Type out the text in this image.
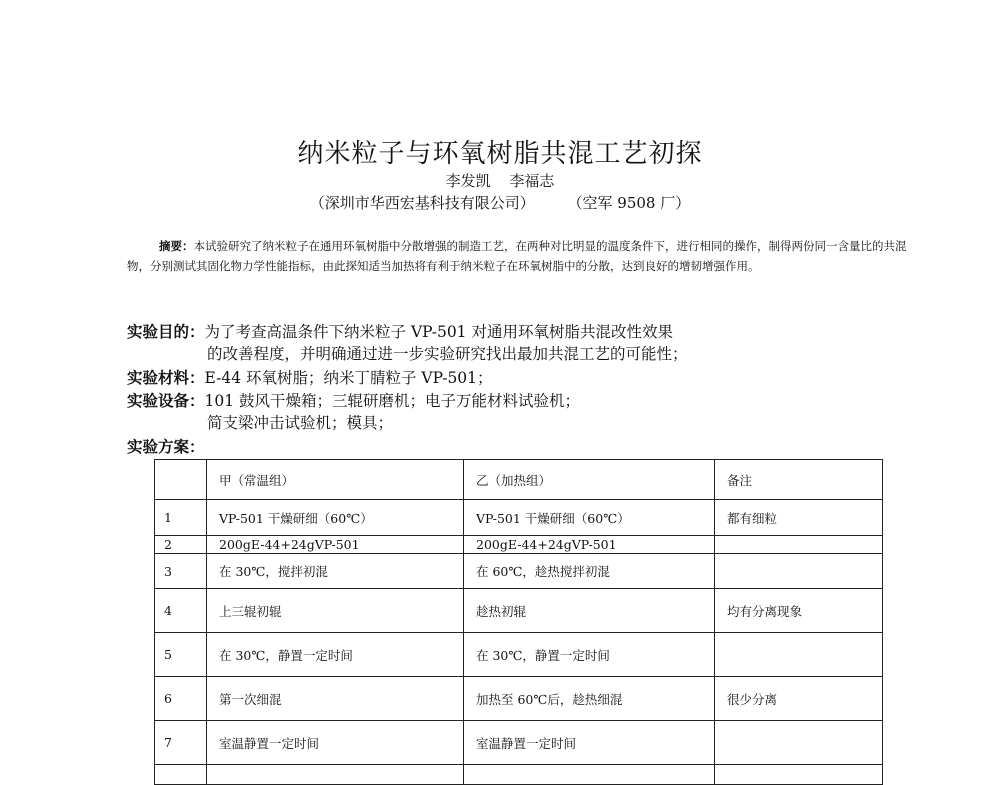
纳米粒子与环氧树脂共混工艺初探
李发凯 李福志
（深圳市华西宏基科技有限公司） （空军 9508 厂）
摘要：本试验研究了纳米粒子在通用环氧树脂中分散增强的制造工艺，在两种对比明显的温度条件下，进行相同的操作，制得两份同一含量比的共混物，分别测试其固化物力学性能指标，由此探知适当加热将有利于纳米粒子在环氧树脂中的分散，达到良好的增韧增强作用。
实验目的：为了考查高温条件下纳米粒子 VP-501 对通用环氧树脂共混改性效果
的改善程度，并明确通过进一步实验研究找出最加共混工艺的可能性；
实验材料：E-44 环氧树脂；纳米丁腈粒子 VP-501；
实验设备：101 鼓风干燥箱；三辊研磨机；电子万能材料试验机；
简支梁冲击试验机；模具；
实验方案：
	甲（常温组）	乙（加热组）	备注
1	VP-501 干燥研细（60℃）	VP-501 干燥研细（60℃）	都有细粒
2	200gE-44+24gVP-501	200gE-44+24gVP-501	
3	在 30℃，搅拌初混	在 60℃，趁热搅拌初混	
4	上三辊初辊	趁热初辊	均有分离现象
5	在 30℃，静置一定时间	在 30℃，静置一定时间	
6	第一次细混	加热至 60℃后，趁热细混	很少分离
7	室温静置一定时间	室温静置一定时间	
